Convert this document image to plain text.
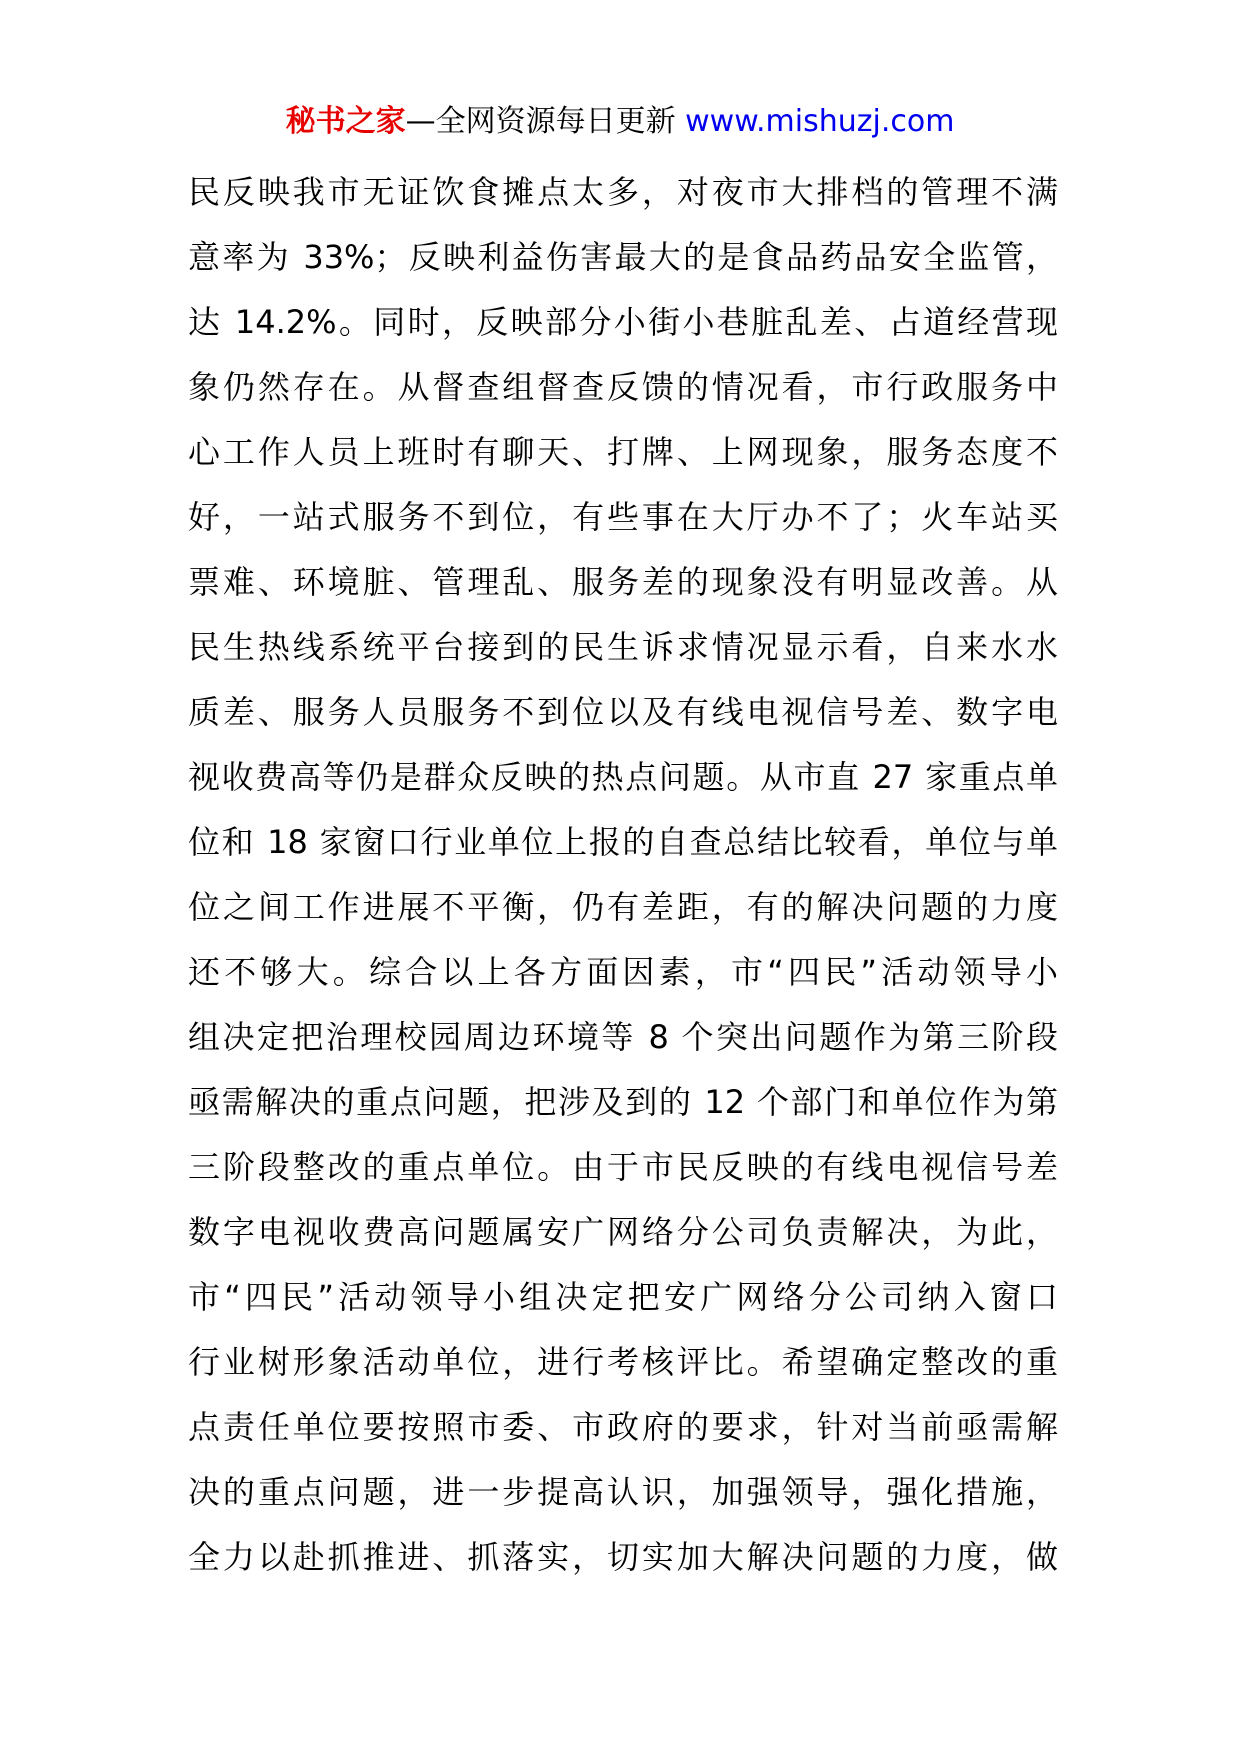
秘书之家—全网资源每日更新 www.mishuzj.com
民反映我市无证饮食摊点太多，对夜市大排档的管理不满
意率为 33%；反映利益伤害最大的是食品药品安全监管，
达 14.2%。同时，反映部分小街小巷脏乱差、占道经营现
象仍然存在。从督查组督查反馈的情况看，市行政服务中
心工作人员上班时有聊天、打牌、上网现象，服务态度不
好，一站式服务不到位，有些事在大厅办不了；火车站买
票难、环境脏、管理乱、服务差的现象没有明显改善。从
民生热线系统平台接到的民生诉求情况显示看，自来水水
质差、服务人员服务不到位以及有线电视信号差、数字电
视收费高等仍是群众反映的热点问题。从市直 27 家重点单
位和 18 家窗口行业单位上报的自查总结比较看，单位与单
位之间工作进展不平衡，仍有差距，有的解决问题的力度
还不够大。综合以上各方面因素，市“四民”活动领导小
组决定把治理校园周边环境等 8 个突出问题作为第三阶段
亟需解决的重点问题，把涉及到的 12 个部门和单位作为第
三阶段整改的重点单位。由于市民反映的有线电视信号差
数字电视收费高问题属安广网络分公司负责解决，为此，
市“四民”活动领导小组决定把安广网络分公司纳入窗口
行业树形象活动单位，进行考核评比。希望确定整改的重
点责任单位要按照市委、市政府的要求，针对当前亟需解
决的重点问题，进一步提高认识，加强领导，强化措施，
全力以赴抓推进、抓落实，切实加大解决问题的力度，做
